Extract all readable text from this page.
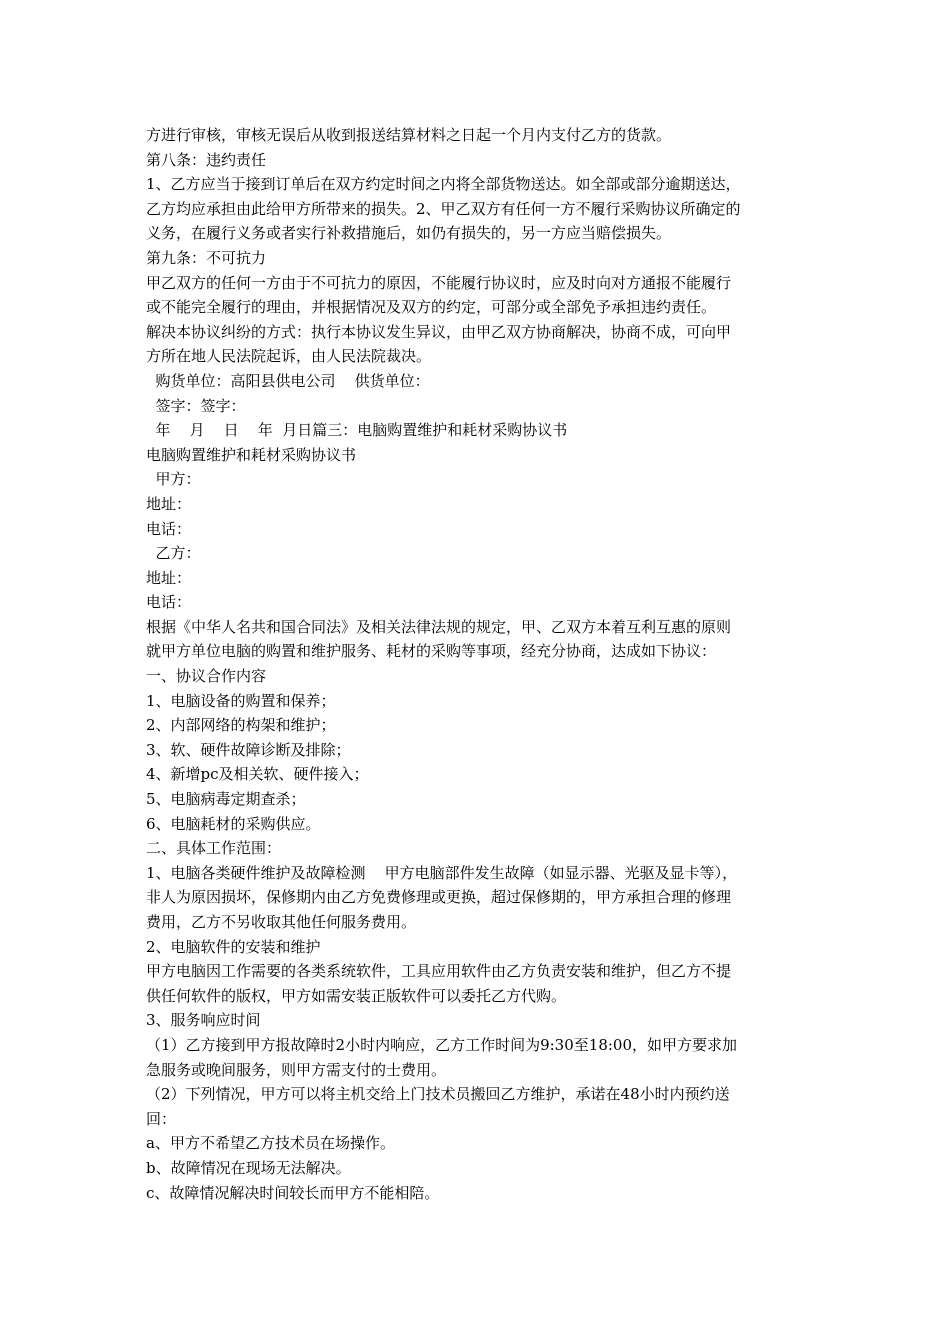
方进行审核，审核无误后从收到报送结算材料之日起一个月内支付乙方的货款。

第八条：违约责任

1、乙方应当于接到订单后在双方约定时间之内将全部货物送达。如全部或部分逾期送达，

乙方均应承担由此给甲方所带来的损失。2、甲乙双方有任何一方不履行采购协议所确定的

义务，在履行义务或者实行补救措施后，如仍有损失的，另一方应当赔偿损失。

第九条：不可抗力

甲乙双方的任何一方由于不可抗力的原因，不能履行协议时，应及时向对方通报不能履行

或不能完全履行的理由，并根据情况及双方的约定，可部分或全部免予承担违约责任。

解决本协议纠纷的方式：执行本协议发生异议，由甲乙双方协商解决，协商不成，可向甲

方所在地人民法院起诉，由人民法院裁决。

购货单位：高阳县供电公司    供货单位：

签字：签字：

年    月    日    年  月日篇三：电脑购置维护和耗材采购协议书

电脑购置维护和耗材采购协议书

甲方：

地址：

电话：

乙方：

地址：

电话：

根据《中华人名共和国合同法》及相关法律法规的规定，甲、乙双方本着互利互惠的原则

就甲方单位电脑的购置和维护服务、耗材的采购等事项，经充分协商，达成如下协议：

一、协议合作内容

1、电脑设备的购置和保养；

2、内部网络的构架和维护；

3、软、硬件故障诊断及排除；

4、新增pc及相关软、硬件接入；

5、电脑病毒定期查杀；

6、电脑耗材的采购供应。

二、具体工作范围：

1、电脑各类硬件维护及故障检测    甲方电脑部件发生故障（如显示器、光驱及显卡等），

非人为原因损坏，保修期内由乙方免费修理或更换，超过保修期的，甲方承担合理的修理

费用，乙方不另收取其他任何服务费用。

2、电脑软件的安装和维护

甲方电脑因工作需要的各类系统软件，工具应用软件由乙方负责安装和维护，但乙方不提

供任何软件的版权，甲方如需安装正版软件可以委托乙方代购。

3、服务响应时间

（1）乙方接到甲方报故障时2小时内响应，乙方工作时间为9:30至18:00，如甲方要求加

急服务或晚间服务，则甲方需支付的士费用。

（2）下列情况，甲方可以将主机交给上门技术员搬回乙方维护，承诺在48小时内预约送

回：

a、甲方不希望乙方技术员在场操作。

b、故障情况在现场无法解决。

c、故障情况解决时间较长而甲方不能相陪。
